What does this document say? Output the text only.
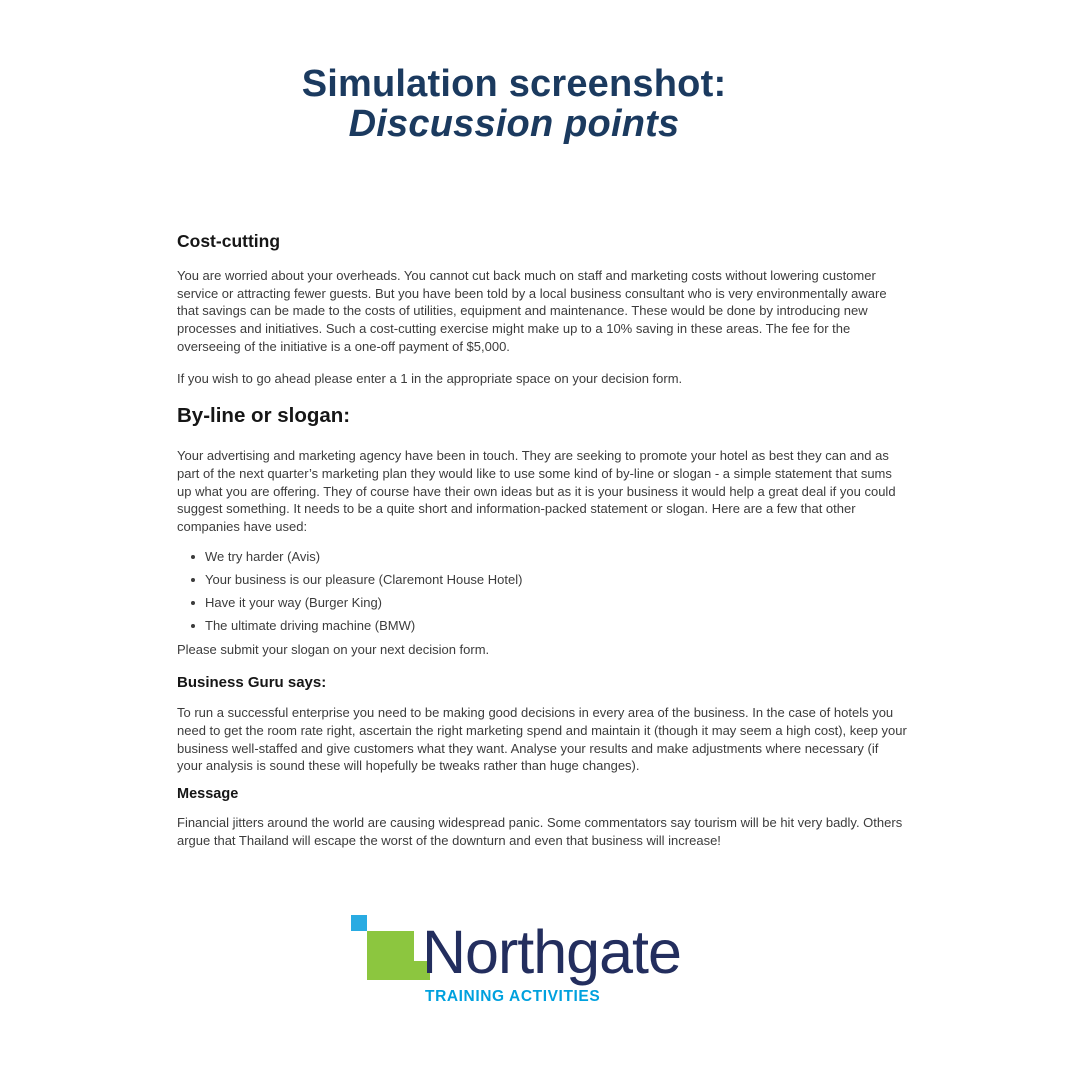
Simulation screenshot:
Discussion points
Cost-cutting

You are worried about your overheads. You cannot cut back much on staff and marketing costs without lowering customer service or attracting fewer guests. But you have been told by a local business consultant who is very environmentally aware that savings can be made to the costs of utilities, equipment and maintenance. These would be done by introducing new processes and initiatives. Such a cost-cutting exercise might make up to a 10% saving in these areas. The fee for the overseeing of the initiative is a one-off payment of $5,000.

If you wish to go ahead please enter a 1 in the appropriate space on your decision form.

By-line or slogan:

Your advertising and marketing agency have been in touch. They are seeking to promote your hotel as best they can and as part of the next quarter’s marketing plan they would like to use some kind of by-line or slogan - a simple statement that sums up what you are offering. They of course have their own ideas but as it is your business it would help a great deal if you could suggest something. It needs to be a quite short and information-packed statement or slogan. Here are a few that other companies have used:

We try harder (Avis)
Your business is our pleasure (Claremont House Hotel)
Have it your way (Burger King)
The ultimate driving machine (BMW)

Please submit your slogan on your next decision form.

Business Guru says:

To run a successful enterprise you need to be making good decisions in every area of the business. In the case of hotels you need to get the room rate right, ascertain the right marketing spend and maintain it (though it may seem a high cost), keep your business well-staffed and give customers what they want. Analyse your results and make adjustments where necessary (if your analysis is sound these will hopefully be tweaks rather than huge changes).

Message

Financial jitters around the world are causing widespread panic. Some commentators say tourism will be hit very badly. Others argue that Thailand will escape the worst of the downturn and even that business will increase!

Northgate
TRAINING ACTIVITIES
